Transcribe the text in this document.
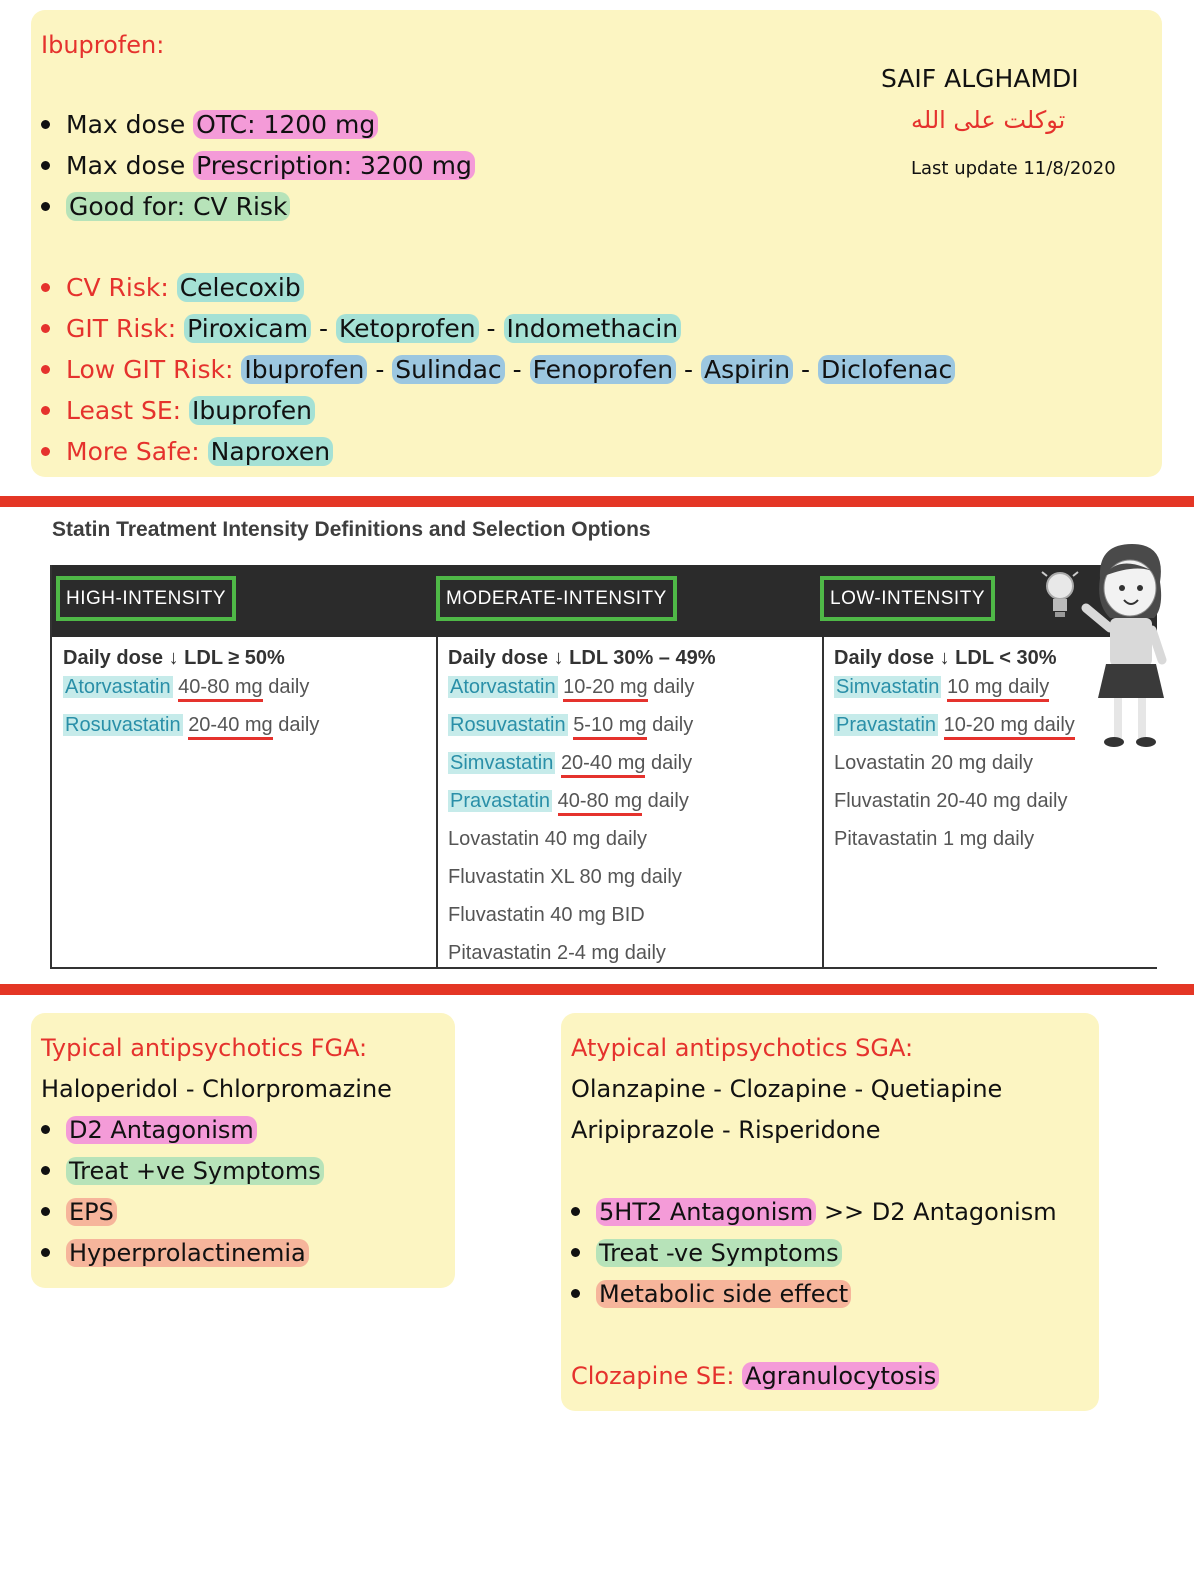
Ibuprofen:
SAIF ALGHAMDI
توكلت على الله
Last update 11/8/2020
Max dose OTC: 1200 mg
Max dose Prescription: 3200 mg
Good for: CV Risk
CV Risk: Celecoxib
GIT Risk: Piroxicam - Ketoprofen - Indomethacin
Low GIT Risk: Ibuprofen - Sulindac - Fenoprofen - Aspirin - Diclofenac
Least SE: Ibuprofen
More Safe: Naproxen
Statin Treatment Intensity Definitions and Selection Options
HIGH-INTENSITY	MODERATE-INTENSITY	LOW-INTENSITY
Daily dose ↓ LDL ≥ 50%
Atorvastatin 40-80 mg daily
Rosuvastatin 20-40 mg daily
Daily dose ↓ LDL 30% – 49%
Atorvastatin 10-20 mg daily
Rosuvastatin 5-10 mg daily
Simvastatin 20-40 mg daily
Pravastatin 40-80 mg daily
Lovastatin 40 mg daily
Fluvastatin XL 80 mg daily
Fluvastatin 40 mg BID
Pitavastatin 2-4 mg daily
Daily dose ↓ LDL < 30%
Simvastatin 10 mg daily
Pravastatin 10-20 mg daily
Lovastatin 20 mg daily
Fluvastatin 20-40 mg daily
Pitavastatin 1 mg daily
Typical antipsychotics FGA:
Haloperidol - Chlorpromazine
D2 Antagonism
Treat +ve Symptoms
EPS
Hyperprolactinemia
Atypical antipsychotics SGA:
Olanzapine - Clozapine - Quetiapine
Aripiprazole - Risperidone
5HT2 Antagonism >> D2 Antagonism
Treat -ve Symptoms
Metabolic side effect
Clozapine SE: Agranulocytosis
